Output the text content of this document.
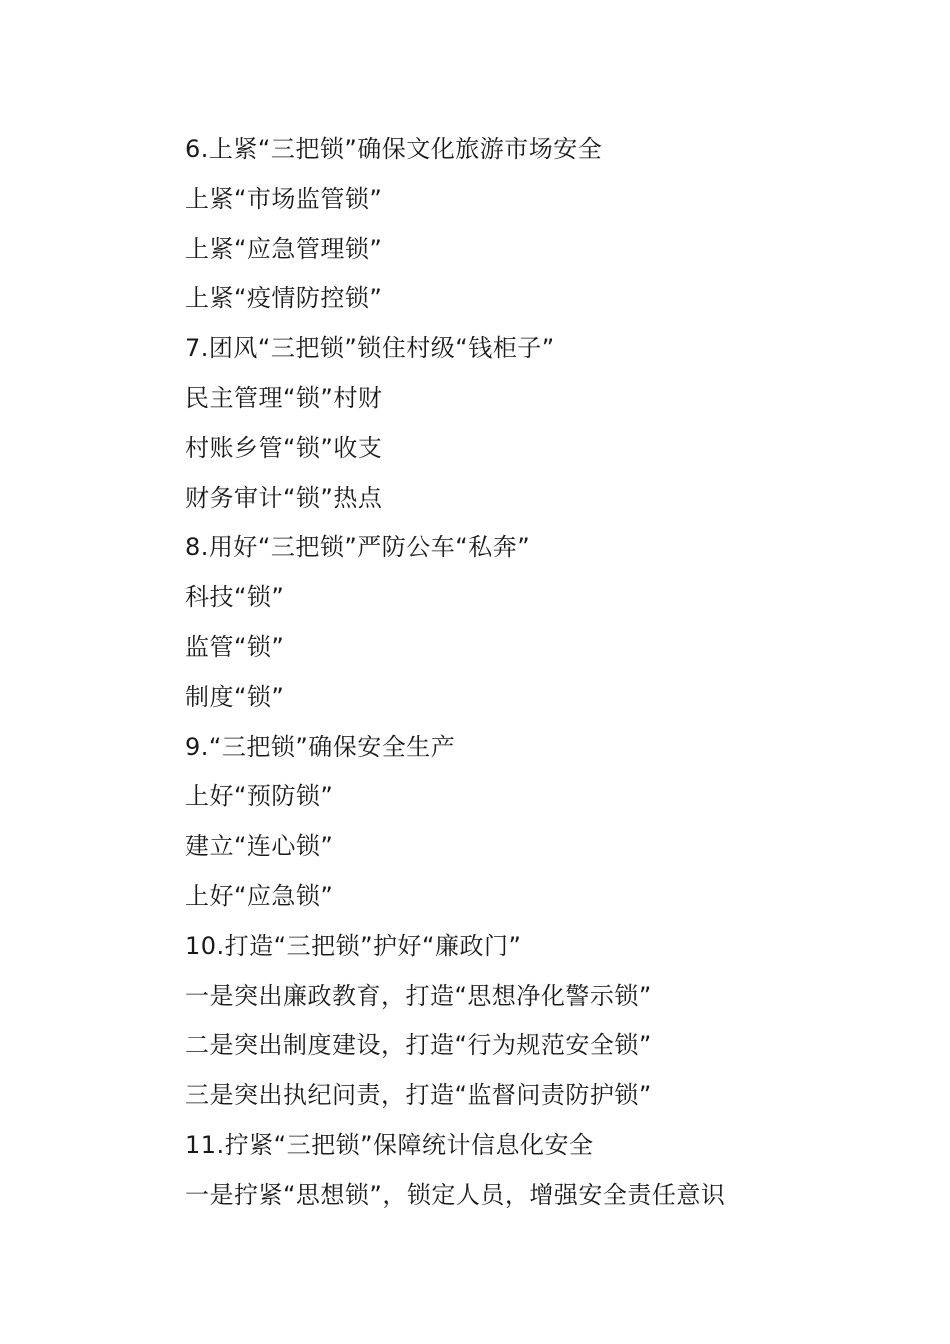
6.上紧“三把锁”确保文化旅游市场安全
上紧“市场监管锁”
上紧“应急管理锁”
上紧“疫情防控锁”
7.团风“三把锁”锁住村级“钱柜子”
民主管理“锁”村财
村账乡管“锁”收支
财务审计“锁”热点
8.用好“三把锁”严防公车“私奔”
科技“锁”
监管“锁”
制度“锁”
9.“三把锁”确保安全生产
上好“预防锁”
建立“连心锁”
上好“应急锁”
10.打造“三把锁”护好“廉政门”
一是突出廉政教育，打造“思想净化警示锁”
二是突出制度建设，打造“行为规范安全锁”
三是突出执纪问责，打造“监督问责防护锁”
11.拧紧“三把锁”保障统计信息化安全
一是拧紧“思想锁”，锁定人员，增强安全责任意识
